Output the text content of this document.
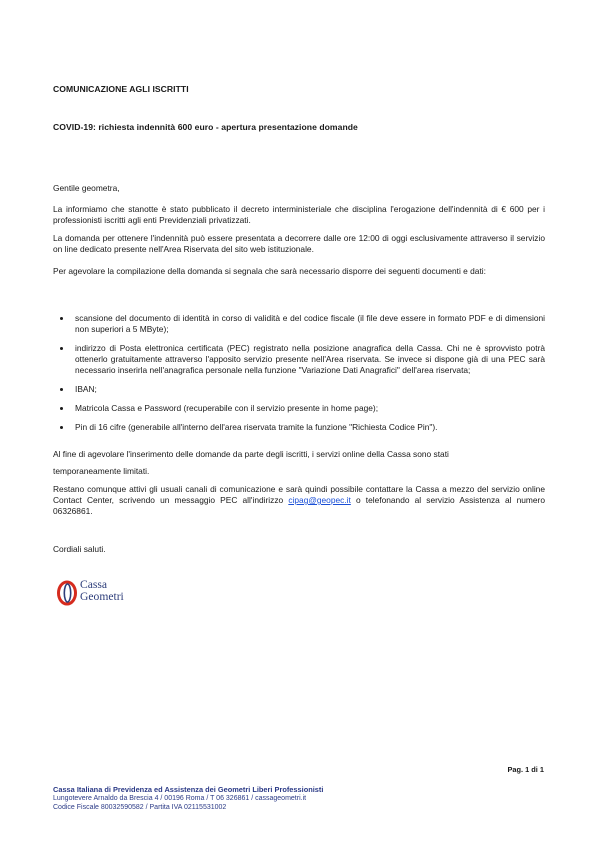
COMUNICAZIONE AGLI ISCRITTI
COVID-19: richiesta indennità 600 euro - apertura presentazione domande
Gentile geometra,

La informiamo che stanotte è stato pubblicato il decreto interministeriale che disciplina l'erogazione dell'indennità di € 600 per i professionisti iscritti agli enti Previdenziali privatizzati.

La domanda per ottenere l'indennità può essere presentata a decorrere dalle ore 12:00 di oggi esclusivamente attraverso il servizio on line dedicato presente nell'Area Riservata del sito web istituzionale.

Per agevolare la compilazione della domanda si segnala che sarà necessario disporre dei seguenti documenti e dati:

scansione del documento di identità in corso di validità e del codice fiscale (il file deve essere in formato PDF e di dimensioni non superiori a 5 MByte);
indirizzo di Posta elettronica certificata (PEC) registrato nella posizione anagrafica della Cassa. Chi ne è sprovvisto potrà ottenerlo gratuitamente attraverso l'apposito servizio presente nell'Area riservata. Se invece si dispone già di una PEC sarà necessario inserirla nell'anagrafica personale nella funzione "Variazione Dati Anagrafici" dell'area riservata;
IBAN;
Matricola Cassa e Password (recuperabile con il servizio presente in home page);
Pin di 16 cifre (generabile all'interno dell'area riservata tramite la funzione "Richiesta Codice Pin").
Al fine di agevolare l'inserimento delle domande da parte degli iscritti, i servizi online della Cassa sono stati
temporaneamente limitati.
Restano comunque attivi gli usuali canali di comunicazione e sarà quindi possibile contattare la Cassa a mezzo del servizio online Contact Center, scrivendo un messaggio PEC all'indirizzo cipag@geopec.it o telefonando al servizio Assistenza al numero 06326861.
Cordiali saluti.
Cassa
Geometri
Pag. 1 di 1
Cassa Italiana di Previdenza ed Assistenza dei Geometri Liberi Professionisti
Lungotevere Arnaldo da Brescia 4 / 00196 Roma / T 06 326861 / cassageometri.it
Codice Fiscale 80032590582 / Partita IVA 02115531002
